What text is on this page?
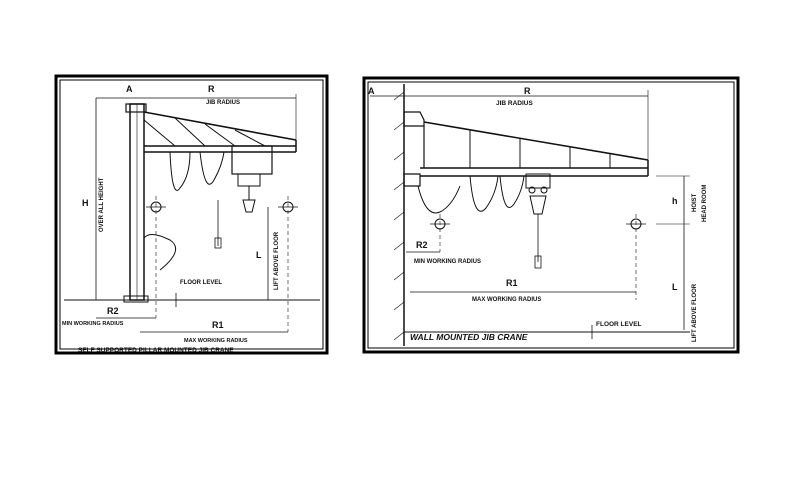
A	R
JIB RADIUS
H OVER ALL HEIGHT
L LIFT ABOVE FLOOR
FLOOR LEVEL
R2
MIN WORKING RADIUS	R1
MAX WORKING RADIUS
SELF SUPPORTED PILLAR MOUNTED JIB CRANE
A	R
JIB RADIUS
h HOIST HEAD ROOM
R2
MIN WORKING RADIUS
R1
MAX WORKING RADIUS
L LIFT ABOVE FLOOR
FLOOR LEVEL
WALL MOUNTED JIB CRANE
